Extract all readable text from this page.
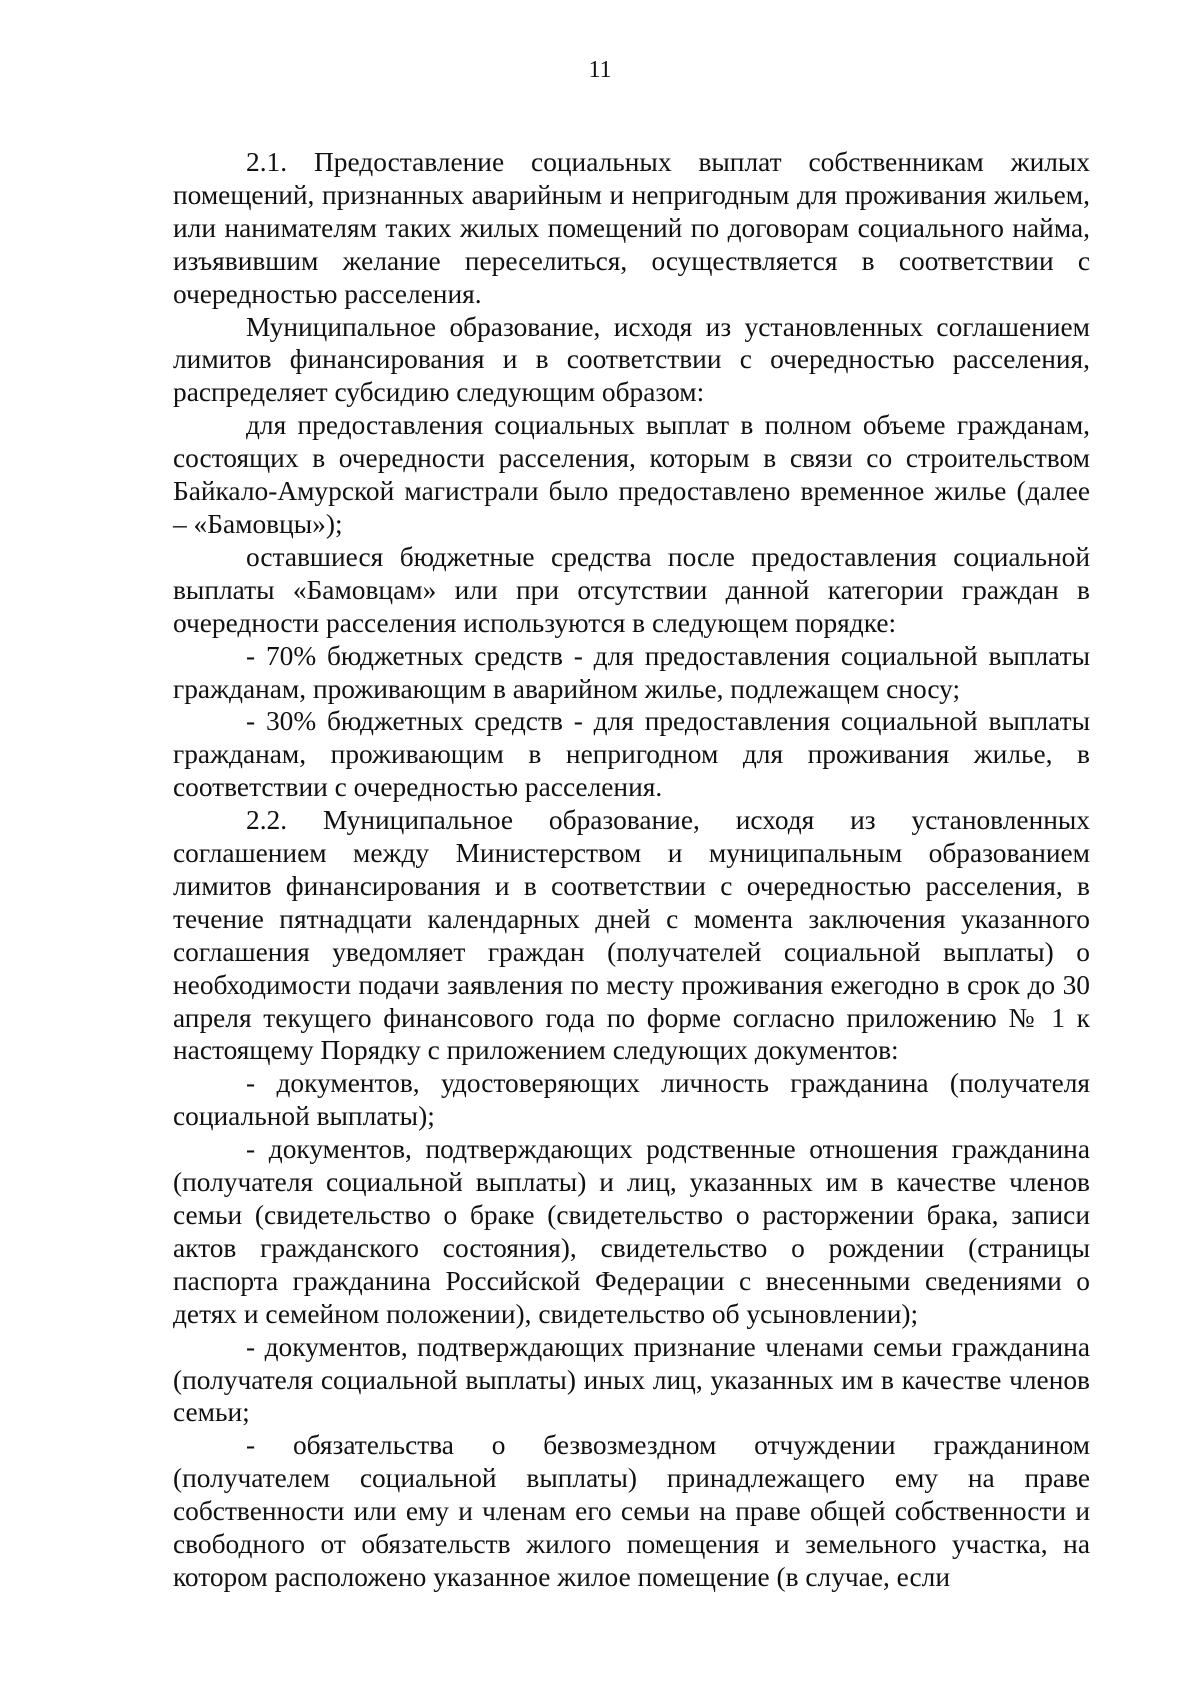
11

2.1. Предоставление социальных выплат собственникам жилых помещений, признанных аварийным и непригодным для проживания жильем, или нанимателям таких жилых помещений по договорам социального найма, изъявившим желание переселиться, осуществляется в соответствии с очередностью расселения.

Муниципальное образование, исходя из установленных соглашением лимитов финансирования и в соответствии с очередностью расселения, распределяет субсидию следующим образом:

для предоставления социальных выплат в полном объеме гражданам, состоящих в очередности расселения, которым в связи со строительством Байкало-Амурской магистрали было предоставлено временное жилье (далее – «Бамовцы»);

оставшиеся бюджетные средства после предоставления социальной выплаты «Бамовцам» или при отсутствии данной категории граждан в очередности расселения используются в следующем порядке:

- 70% бюджетных средств - для предоставления социальной выплаты гражданам, проживающим в аварийном жилье, подлежащем сносу;

- 30% бюджетных средств - для предоставления социальной выплаты гражданам, проживающим в непригодном для проживания жилье, в соответствии с очередностью расселения.

2.2. Муниципальное образование, исходя из установленных соглашением между Министерством и муниципальным образованием лимитов финансирования и в соответствии с очередностью расселения, в течение пятнадцати календарных дней с момента заключения указанного соглашения уведомляет граждан (получателей социальной выплаты) о необходимости подачи заявления по месту проживания ежегодно в срок до 30 апреля текущего финансового года по форме согласно приложению № 1 к настоящему Порядку с приложением следующих документов:

- документов, удостоверяющих личность гражданина (получателя социальной выплаты);

- документов, подтверждающих родственные отношения гражданина (получателя социальной выплаты) и лиц, указанных им в качестве членов семьи (свидетельство о браке (свидетельство о расторжении брака, записи актов гражданского состояния), свидетельство о рождении (страницы паспорта гражданина Российской Федерации с внесенными сведениями о детях и семейном положении), свидетельство об усыновлении);

- документов, подтверждающих признание членами семьи гражданина (получателя социальной выплаты) иных лиц, указанных им в качестве членов семьи;

- обязательства о безвозмездном отчуждении гражданином (получателем социальной выплаты) принадлежащего ему на праве собственности или ему и членам его семьи на праве общей собственности и свободного от обязательств жилого помещения и земельного участка, на котором расположено указанное жилое помещение (в случае, если
